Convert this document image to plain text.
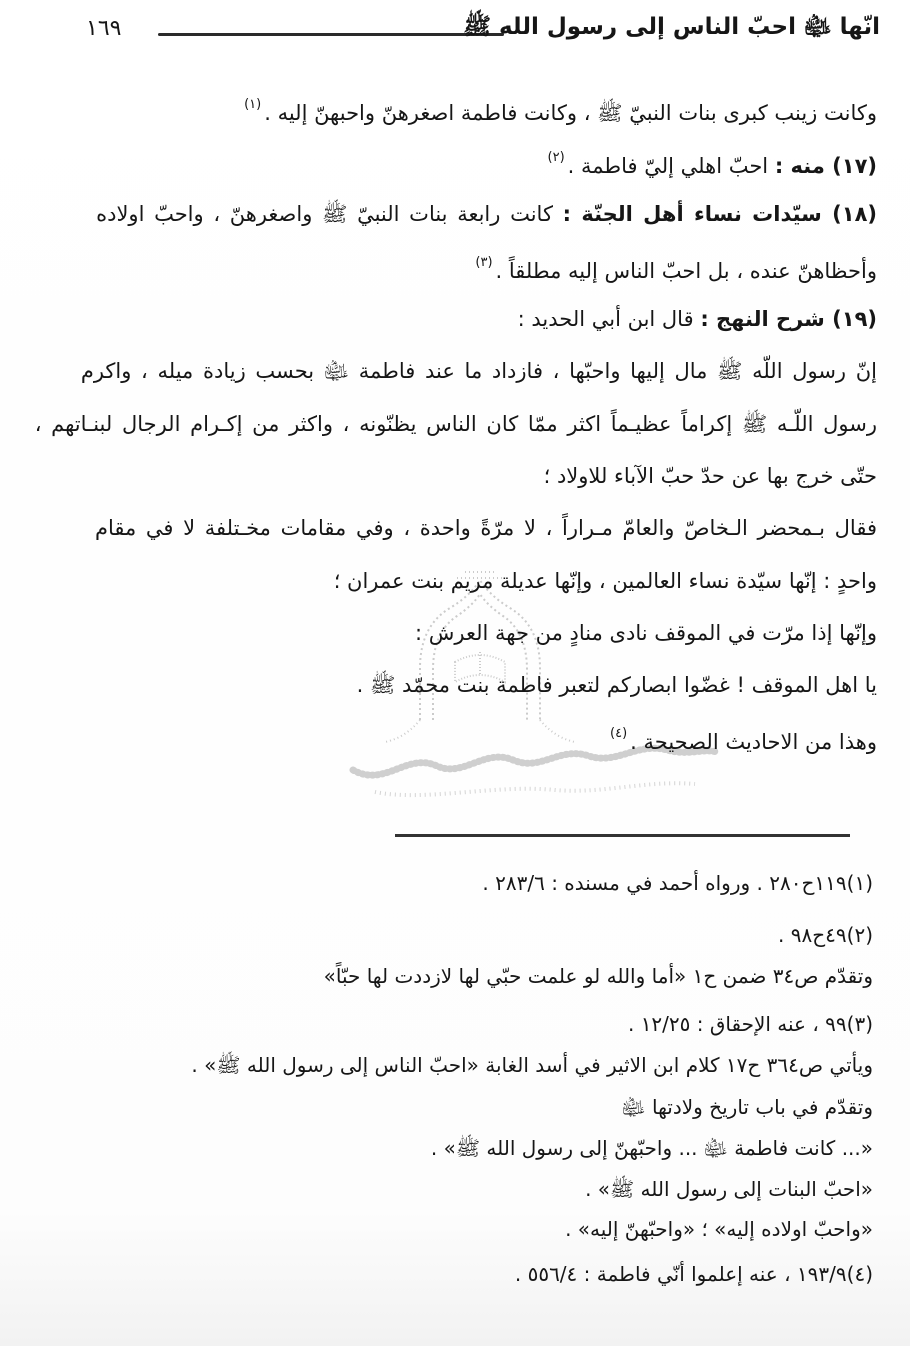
١٦٩	انّها ﵍ احبّ الناس إلى رسول الله ﷺ
وكانت زينب كبرى بنات النبيّ ﷺ ، وكانت فاطمة اصغرهنّ واحبهنّ إليه .$^{(١)}$
(١٧) منه : احبّ اهلي إليّ فاطمة .$^{(٢)}$
(١٨) سيّدات نساء أهل الجنّة : كانت رابعة بنات النبيّ ﷺ واصغرهنّ ، واحبّ اولاده
وأحظاهنّ عنده ، بل احبّ الناس إليه مطلقاً .$^{(٣)}$
(١٩) شرح النهج : قال ابن أبي الحديد :
إنّ رسول اللّه ﷺ مال إليها واحبّها ، فازداد ما عند فاطمة ﵍ بحسب زيادة ميله ، واكرم
رسول اللّـه ﷺ إكراماً عظيـماً اكثر ممّا كان الناس يظنّونه ، واكثر من إكـرام الرجال لبنـاتهم ،
حتّى خرج بها عن حدّ حبّ الآباء للاولاد ؛
فقال بـمحضر الـخاصّ والعامّ مـراراً ، لا مرّةً واحدة ، وفي مقامات مخـتلفة لا في مقام
واحدٍ : إنّها سيّدة نساء العالمين ، وإنّها عديلة مريم بنت عمران ؛
وإنّها إذا مرّت في الموقف نادى منادٍ من جهة العرش :
يا اهل الموقف ! غضّوا ابصاركم لتعبر فاطمة بنت محمّد ﷺ .
وهذا من الاحاديث الصحيحة .$^{(٤)}$
(١)١١٩ح٢٨٠ . ورواه أحمد في مسنده : ٢٨٣/٦ .
(٢)٤٩ح٩٨ .
وتقدّم ص٣٤ ضمن ح١ «أما والله لو علمت حبّي لها لازددت لها حبّاً»
(٣)٩٩ ، عنه الإحقاق : ١٢/٢٥ .
ويأتي ص٣٦٤ ح١٧ كلام ابن الاثير في أسد الغابة «احبّ الناس إلى رسول الله ﷺ» .
وتقدّم في باب تاريخ ولادتها ﵍
«... كانت فاطمة ﵍ ... واحبّهنّ إلى رسول الله ﷺ» .
«احبّ البنات إلى رسول الله ﷺ» .
«واحبّ اولاده إليه» ؛ «واحبّهنّ إليه» .
(٤)١٩٣/٩ ، عنه إعلموا أنّي فاطمة : ٥٥٦/٤ .
